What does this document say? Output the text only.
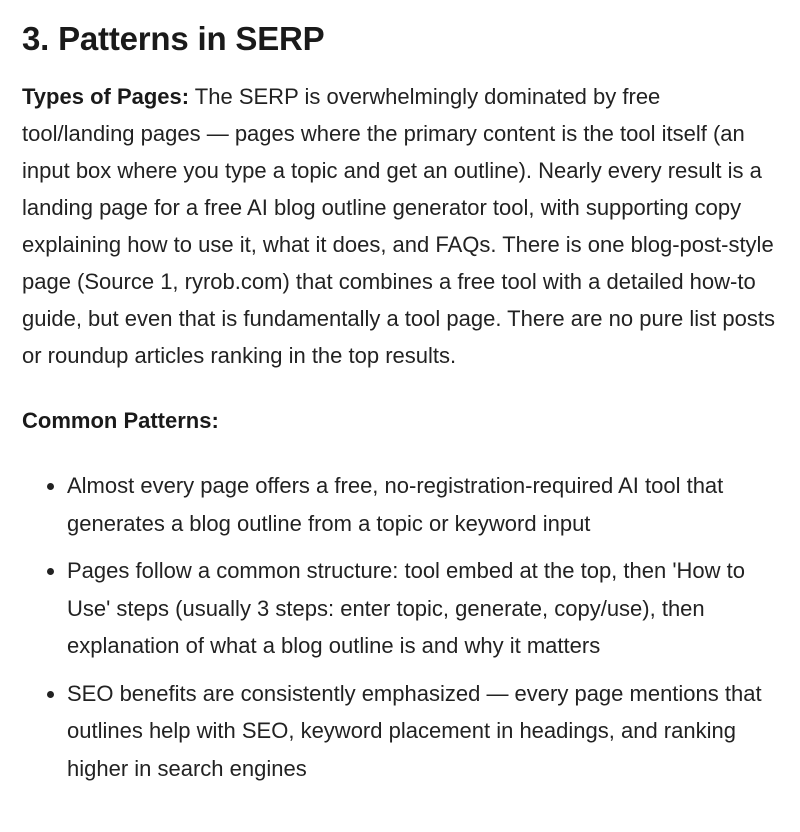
3. Patterns in SERP

Types of Pages: The SERP is overwhelmingly dominated by free tool/landing pages — pages where the primary content is the tool itself (an input box where you type a topic and get an outline). Nearly every result is a landing page for a free AI blog outline generator tool, with supporting copy explaining how to use it, what it does, and FAQs. There is one blog-post-style page (Source 1, ryrob.com) that combines a free tool with a detailed how-to guide, but even that is fundamentally a tool page. There are no pure list posts or roundup articles ranking in the top results.

Common Patterns:

Almost every page offers a free, no-registration-required AI tool that generates a blog outline from a topic or keyword input
Pages follow a common structure: tool embed at the top, then 'How to Use' steps (usually 3 steps: enter topic, generate, copy/use), then explanation of what a blog outline is and why it matters
SEO benefits are consistently emphasized — every page mentions that outlines help with SEO, keyword placement in headings, and ranking higher in search engines
